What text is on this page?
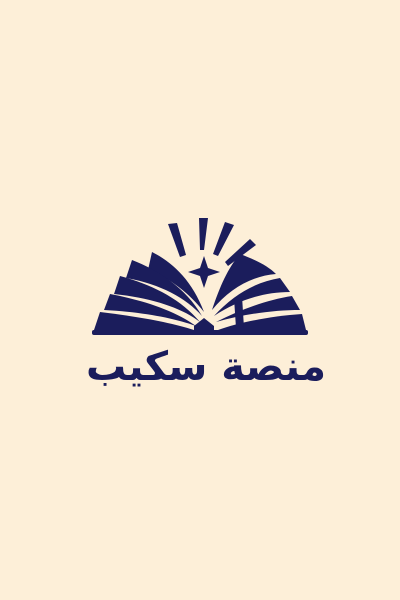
منصة سكيب
